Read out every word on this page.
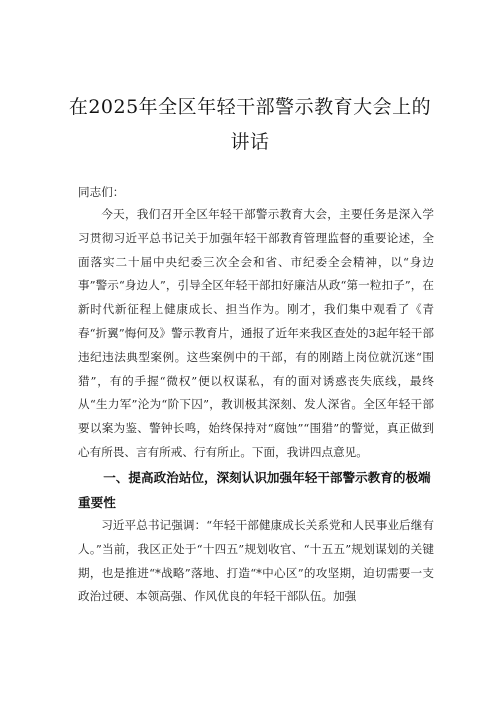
在2025年全区年轻干部警示教育大会上的
讲话

同志们：

今天，我们召开全区年轻干部警示教育大会，主要任务是深入学习贯彻习近平总书记关于加强年轻干部教育管理监督的重要论述，全面落实二十届中央纪委三次全会和省、市纪委全会精神，以“身边事”警示“身边人”，引导全区年轻干部扣好廉洁从政“第一粒扣子”，在新时代新征程上健康成长、担当作为。刚才，我们集中观看了《青春“折翼”悔何及》警示教育片，通报了近年来我区查处的3起年轻干部违纪违法典型案例。这些案例中的干部，有的刚踏上岗位就沉迷“围猎”，有的手握“微权”便以权谋私，有的面对诱惑丧失底线，最终从“生力军”沦为“阶下囚”，教训极其深刻、发人深省。全区年轻干部要以案为鉴、警钟长鸣，始终保持对“腐蚀”“围猎”的警觉，真正做到心有所畏、言有所戒、行有所止。下面，我讲四点意见。

一、提高政治站位，深刻认识加强年轻干部警示教育的极端重要性

习近平总书记强调：“年轻干部健康成长关系党和人民事业后继有人。”当前，我区正处于“十四五”规划收官、“十五五”规划谋划的关键期，也是推进“*战略”落地、打造“*中心区”的攻坚期，迫切需要一支政治过硬、本领高强、作风优良的年轻干部队伍。加强
